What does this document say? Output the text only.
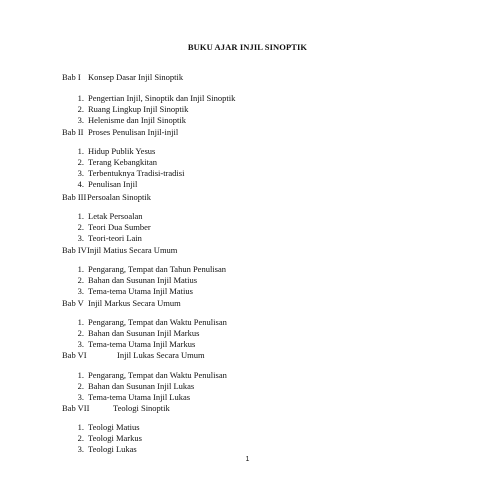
BUKU AJAR INJIL SINOPTIK
Bab I Konsep Dasar Injil Sinoptik
1. Pengertian Injil, Sinoptik dan Injil Sinoptik
2. Ruang Lingkup Injil Sinoptik
3. Helenisme dan Injil Sinoptik
Bab II Proses Penulisan Injil-injil
1. Hidup Publik Yesus
2. Terang Kebangkitan
3. Terbentuknya Tradisi-tradisi
4. Penulisan Injil
Bab III Persoalan Sinoptik
1. Letak Persoalan
2. Teori Dua Sumber
3. Teori-teori Lain
Bab IV Injil Matius Secara Umum
1. Pengarang, Tempat dan Tahun Penulisan
2. Bahan dan Susunan Injil Matius
3. Tema-tema Utama Injil Matius
Bab V Injil Markus Secara Umum
1. Pengarang, Tempat dan Waktu Penulisan
2. Bahan dan Susunan Injil Markus
3. Tema-tema Utama Injil Markus
Bab VI	Injil Lukas Secara Umum
1. Pengarang, Tempat dan Waktu Penulisan
2. Bahan dan Susunan Injil Lukas
3. Tema-tema Utama Injil Lukas
Bab VII	Teologi Sinoptik
1. Teologi Matius
2. Teologi Markus
3. Teologi Lukas
1
